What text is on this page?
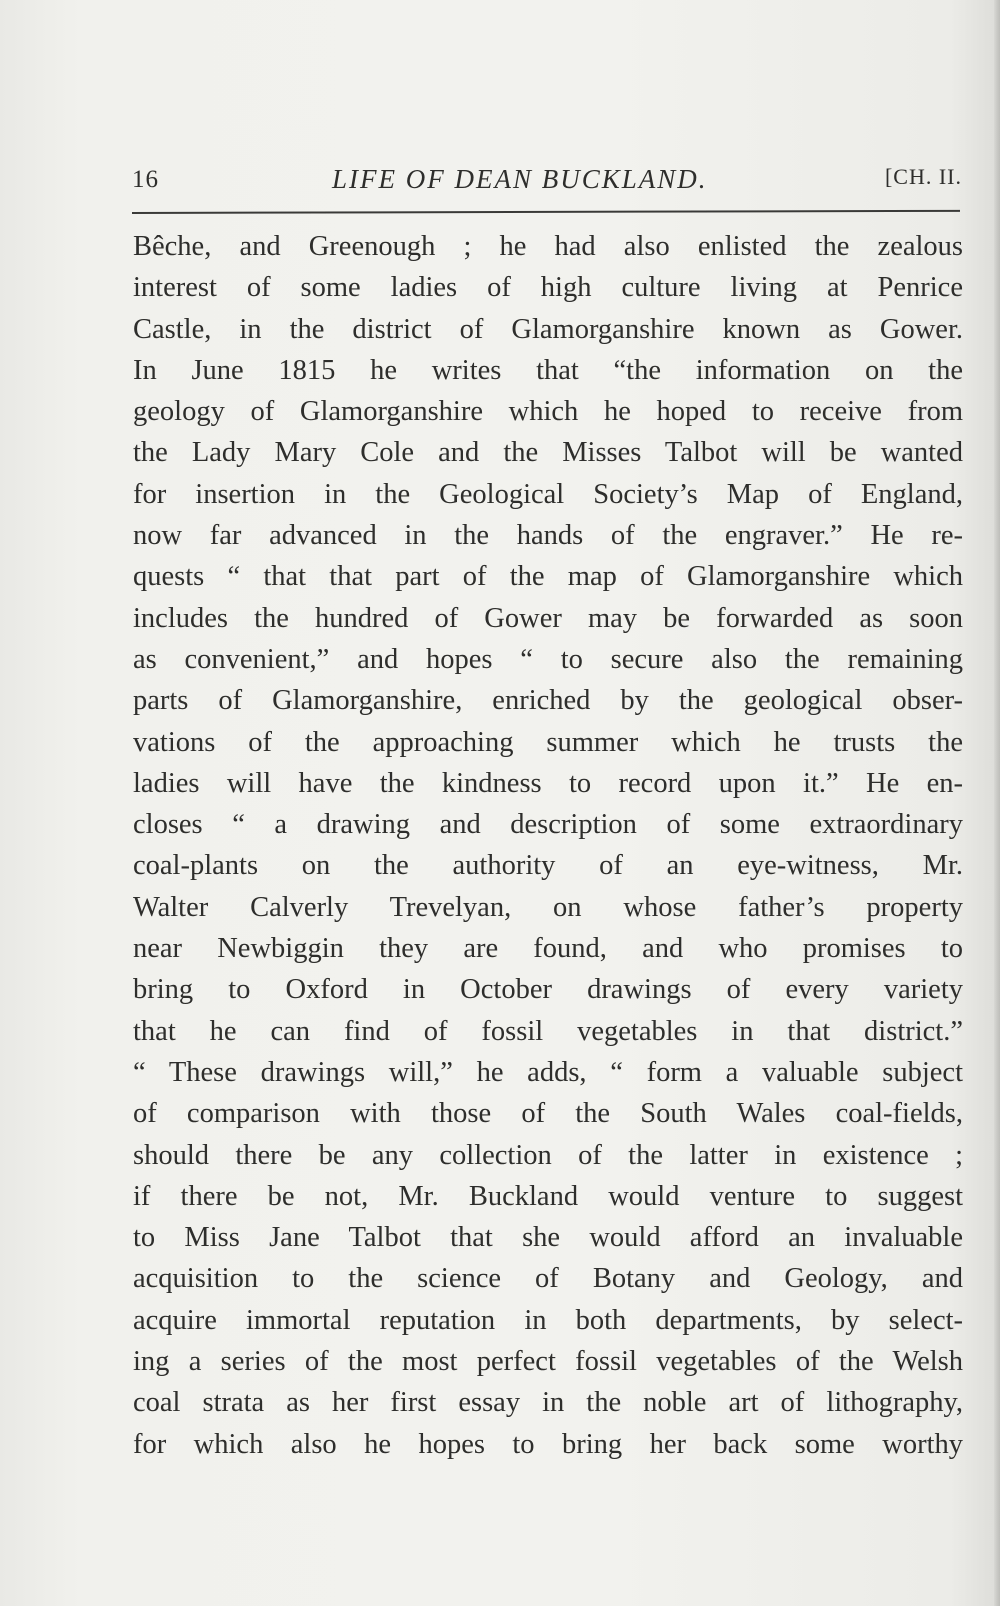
16	LIFE OF DEAN BUCKLAND.	[CH. II.
Bêche, and Greenough ; he had also enlisted the zealous
interest of some ladies of high culture living at Penrice
Castle, in the district of Glamorganshire known as Gower.
In June 1815 he writes that “the information on the
geology of Glamorganshire which he hoped to receive from
the Lady Mary Cole and the Misses Talbot will be wanted
for insertion in the Geological Society’s Map of England,
now far advanced in the hands of the engraver.” He re-
quests “ that that part of the map of Glamorganshire which
includes the hundred of Gower may be forwarded as soon
as convenient,” and hopes “ to secure also the remaining
parts of Glamorganshire, enriched by the geological obser-
vations of the approaching summer which he trusts the
ladies will have the kindness to record upon it.” He en-
closes “ a drawing and description of some extraordinary
coal-plants on the authority of an eye-witness, Mr.
Walter Calverly Trevelyan, on whose father’s property
near Newbiggin they are found, and who promises to
bring to Oxford in October drawings of every variety
that he can find of fossil vegetables in that district.”
“ These drawings will,” he adds, “ form a valuable subject
of comparison with those of the South Wales coal-fields,
should there be any collection of the latter in existence ;
if there be not, Mr. Buckland would venture to suggest
to Miss Jane Talbot that she would afford an invaluable
acquisition to the science of Botany and Geology, and
acquire immortal reputation in both departments, by select-
ing a series of the most perfect fossil vegetables of the Welsh
coal strata as her first essay in the noble art of lithography,
for which also he hopes to bring her back some worthy
